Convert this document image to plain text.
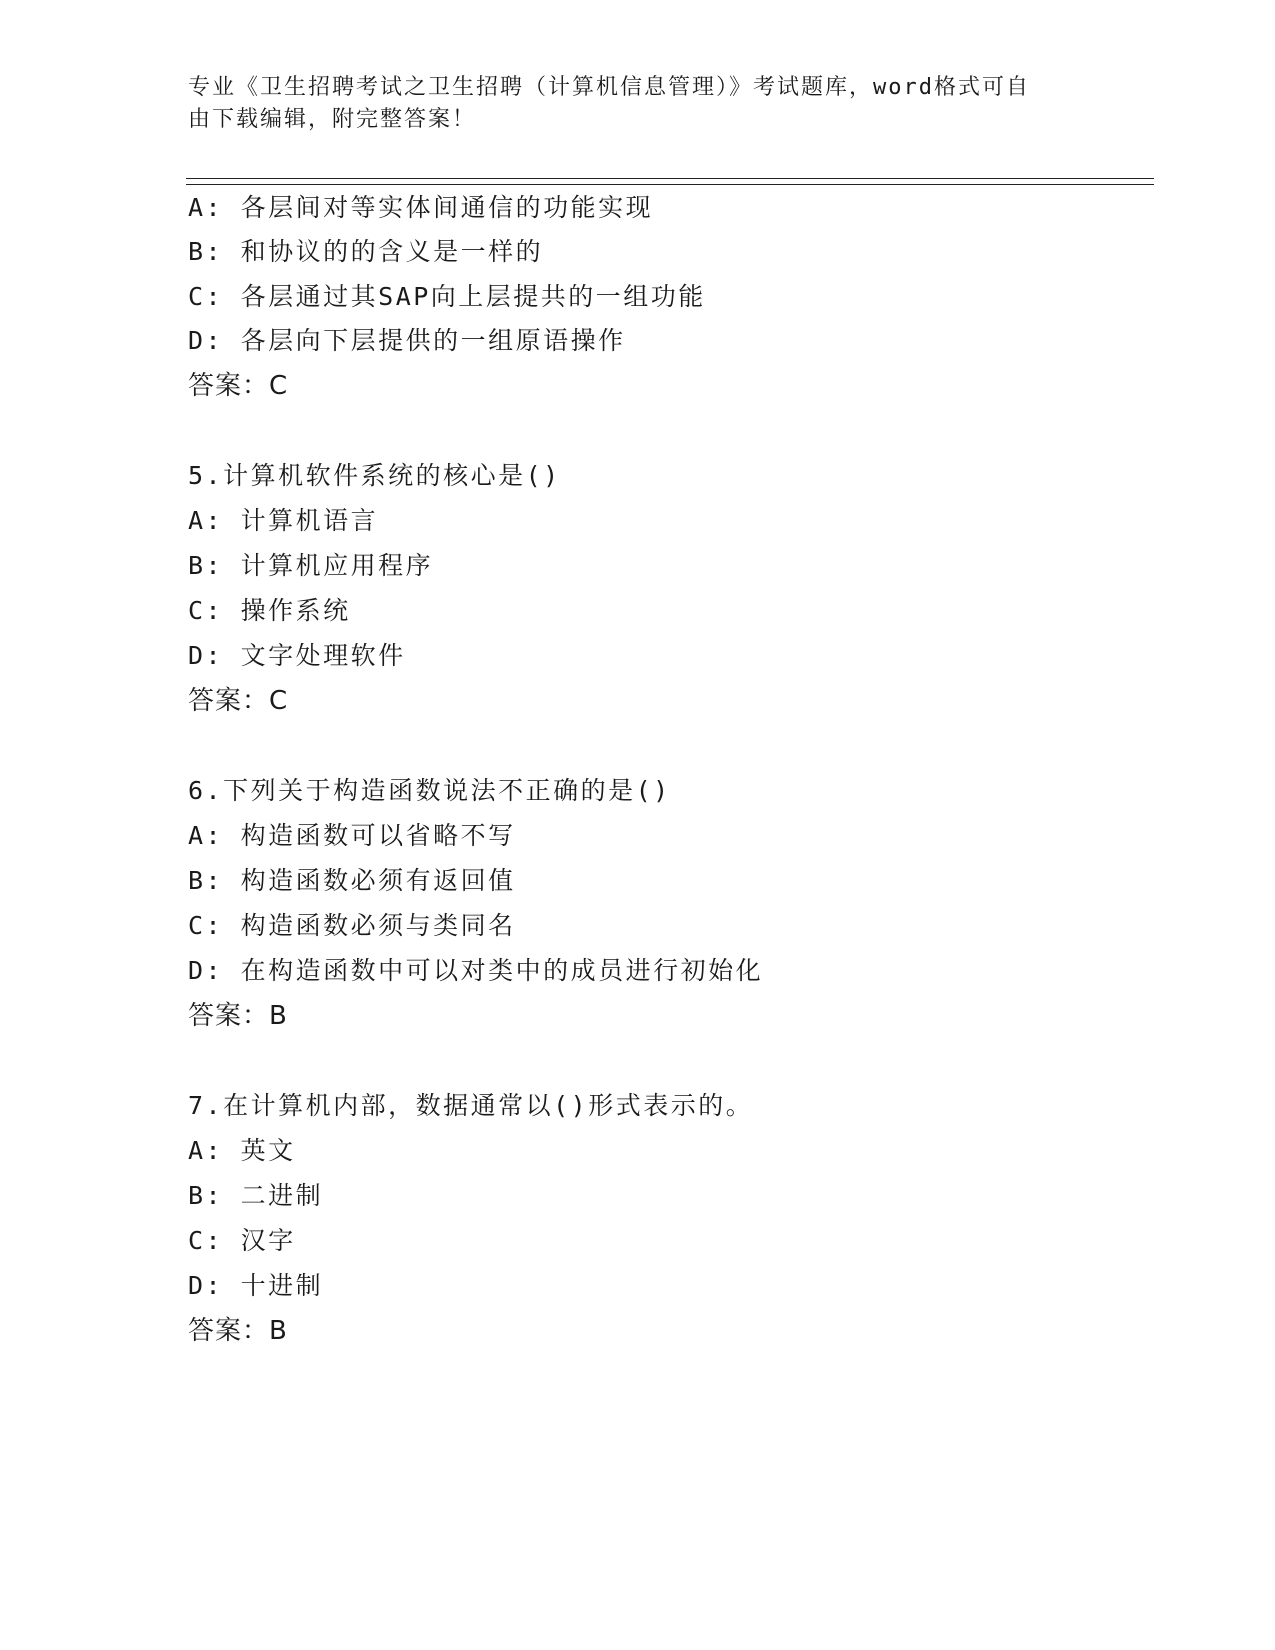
专业《卫生招聘考试之卫生招聘（计算机信息管理）》考试题库，word格式可自
由下载编辑，附完整答案！
A: 各层间对等实体间通信的功能实现
B: 和协议的的含义是一样的
C: 各层通过其SAP向上层提共的一组功能
D: 各层向下层提供的一组原语操作
答案：C
5.计算机软件系统的核心是()
A: 计算机语言
B: 计算机应用程序
C: 操作系统
D: 文字处理软件
答案：C
6.下列关于构造函数说法不正确的是()
A: 构造函数可以省略不写
B: 构造函数必须有返回值
C: 构造函数必须与类同名
D: 在构造函数中可以对类中的成员进行初始化
答案：B
7.在计算机内部，数据通常以()形式表示的。
A: 英文
B: 二进制
C: 汉字
D: 十进制
答案：B
